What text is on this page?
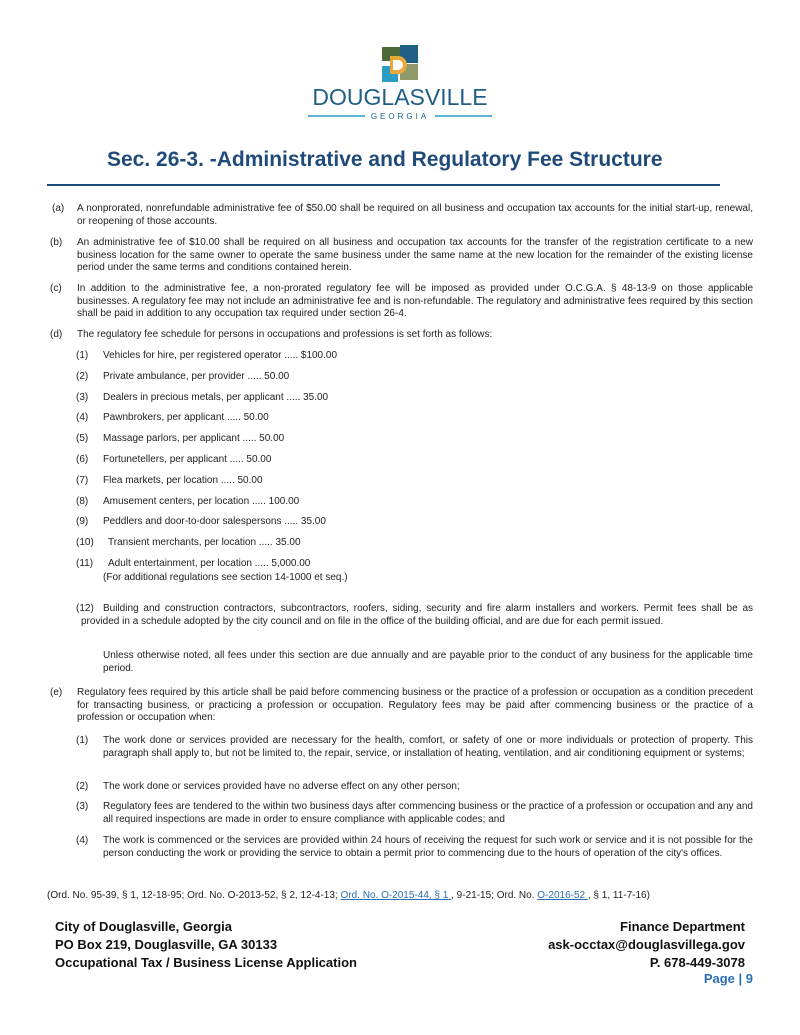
DOUGLASVILLE
GEORGIA
Sec. 26-3. -Administrative and Regulatory Fee Structure
(a) A nonprorated, nonrefundable administrative fee of $50.00 shall be required on all business and occupation tax accounts for the initial start-up, renewal, or reopening of those accounts.
(b) An administrative fee of $10.00 shall be required on all business and occupation tax accounts for the transfer of the registration certificate to a new business location for the same owner to operate the same business under the same name at the new location for the remainder of the existing license period under the same terms and conditions contained herein.
(c) In addition to the administrative fee, a non-prorated regulatory fee will be imposed as provided under O.C.G.A. § 48-13-9 on those applicable businesses. A regulatory fee may not include an administrative fee and is non-refundable. The regulatory and administrative fees required by this section shall be paid in addition to any occupation tax required under section 26-4.
(d) The regulatory fee schedule for persons in occupations and professions is set forth as follows:
(1) Vehicles for hire, per registered operator ..... $100.00
(2) Private ambulance, per provider ..... 50.00
(3) Dealers in precious metals, per applicant ..... 35.00
(4) Pawnbrokers, per applicant ..... 50.00
(5) Massage parlors, per applicant ..... 50.00
(6) Fortunetellers, per applicant ..... 50.00
(7) Flea markets, per location ..... 50.00
(8) Amusement centers, per location ..... 100.00
(9) Peddlers and door-to-door salespersons ..... 35.00
(10) Transient merchants, per location ..... 35.00
(11) Adult entertainment, per location ..... 5,000.00
(For additional regulations see section 14-1000 et seq.)
(12) Building and construction contractors, subcontractors, roofers, siding, security and fire alarm installers and workers. Permit fees shall be as provided in a schedule adopted by the city council and on file in the office of the building official, and are due for each permit issued.
Unless otherwise noted, all fees under this section are due annually and are payable prior to the conduct of any business for the applicable time period.
(e) Regulatory fees required by this article shall be paid before commencing business or the practice of a profession or occupation as a condition precedent for transacting business, or practicing a profession or occupation. Regulatory fees may be paid after commencing business or the practice of a profession or occupation when:
(1) The work done or services provided are necessary for the health, comfort, or safety of one or more individuals or protection of property. This paragraph shall apply to, but not be limited to, the repair, service, or installation of heating, ventilation, and air conditioning equipment or systems;
(2) The work done or services provided have no adverse effect on any other person;
(3) Regulatory fees are tendered to the within two business days after commencing business or the practice of a profession or occupation and any and all required inspections are made in order to ensure compliance with applicable codes; and
(4) The work is commenced or the services are provided within 24 hours of receiving the request for such work or service and it is not possible for the person conducting the work or providing the service to obtain a permit prior to commencing due to the hours of operation of the city's offices.
(Ord. No. 95-39, § 1, 12-18-95; Ord. No. O-2013-52, § 2, 12-4-13; Ord. No. O-2015-44, § 1 , 9-21-15; Ord. No. O-2016-52 , § 1, 11-7-16)
City of Douglasville, Georgia
PO Box 219, Douglasville, GA 30133
Occupational Tax / Business License Application
Finance Department
ask-occtax@douglasvillega.gov
P. 678-449-3078
Page | 9
